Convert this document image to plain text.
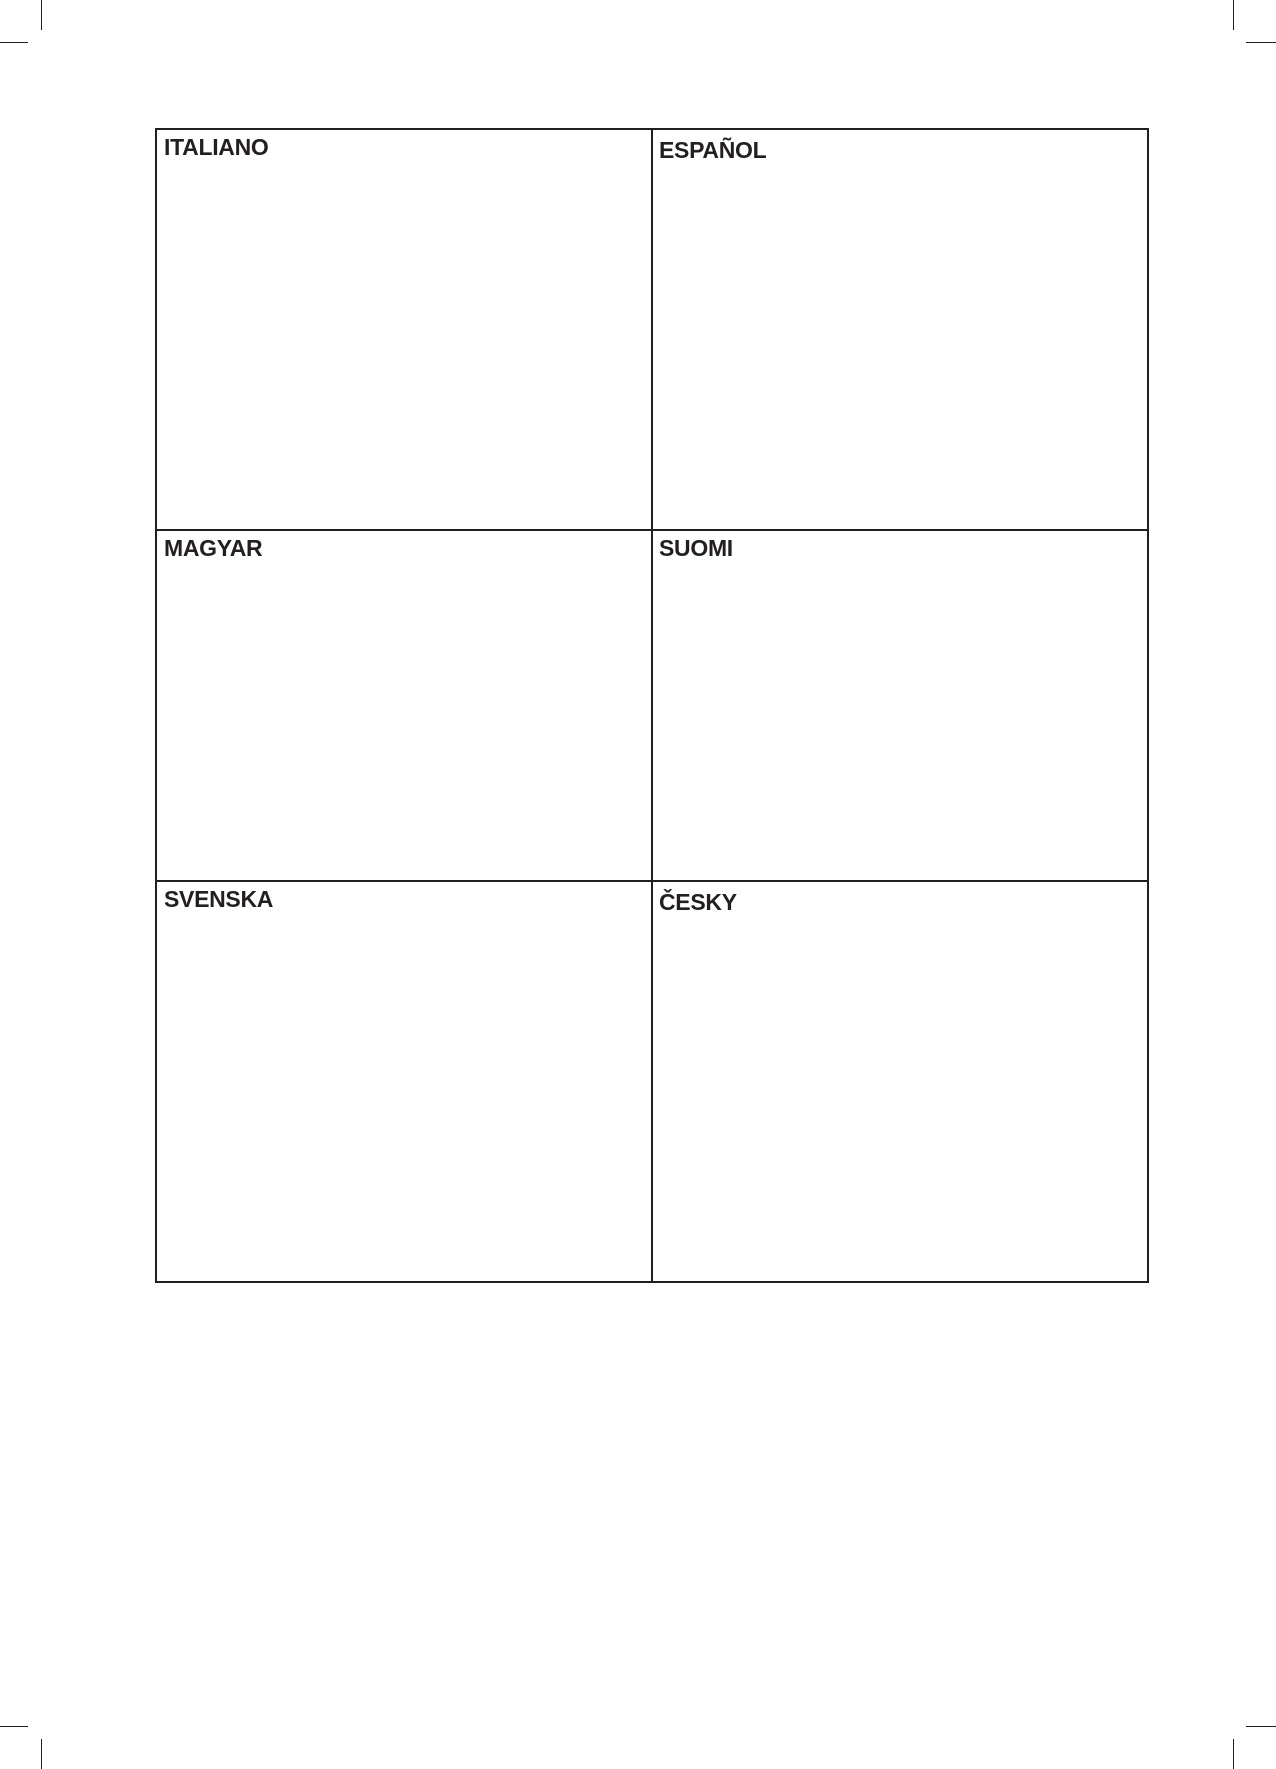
ITALIANO	ESPAÑOL
MAGYAR	SUOMI
SVENSKA	ČESKY
